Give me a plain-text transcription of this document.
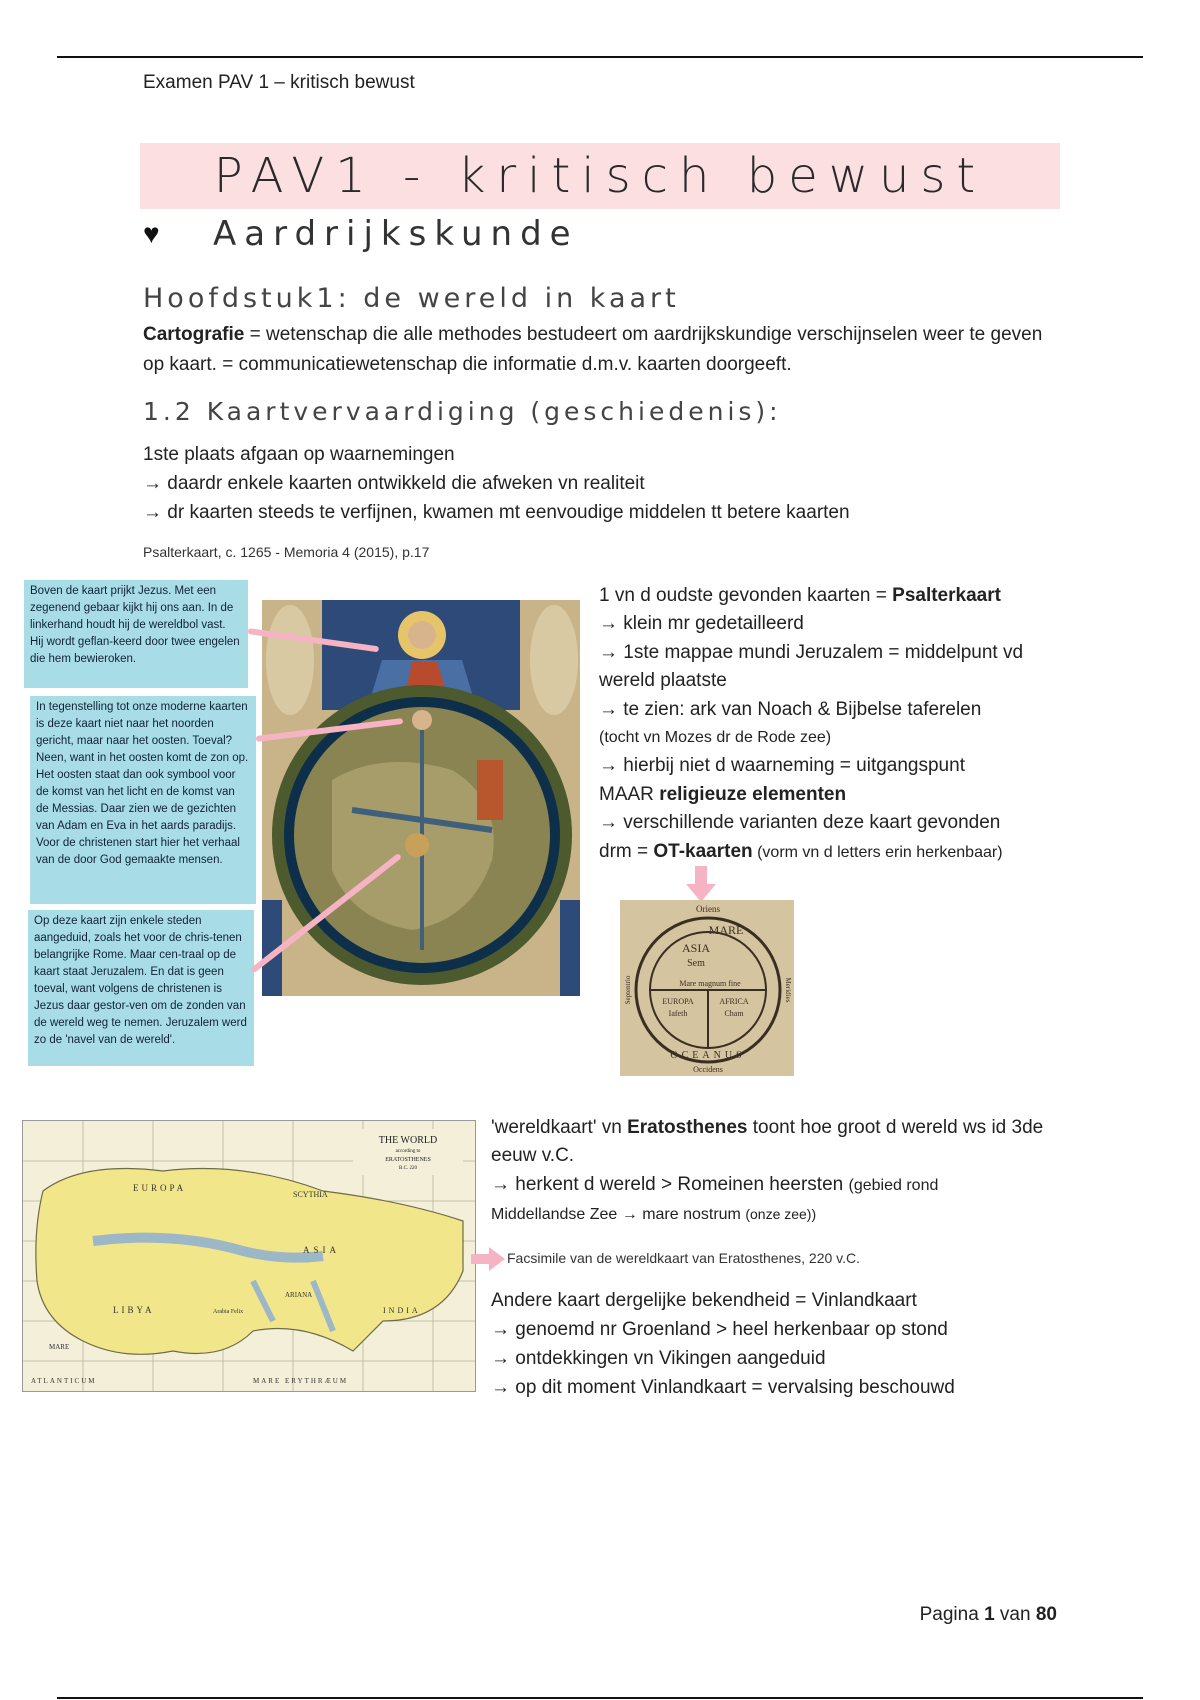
Examen PAV 1 – kritisch bewust
PAV1 - kritisch bewust
♥	Aardrijkskunde
Hoofdstuk1: de wereld in kaart
Cartografie = wetenschap die alle methodes bestudeert om aardrijkskundige verschijnselen weer te geven op kaart. = communicatiewetenschap die informatie d.m.v. kaarten doorgeeft.
1.2 Kaartvervaardiging (geschiedenis):
1ste plaats afgaan op waarnemingen
→ daardr enkele kaarten ontwikkeld die afweken vn realiteit
→ dr kaarten steeds te verfijnen, kwamen mt eenvoudige middelen tt betere kaarten
Psalterkaart, c. 1265 - Memoria 4 (2015), p.17
Boven de kaart prijkt Jezus. Met een zegenend gebaar kijkt hij ons aan. In de linkerhand houdt hij de wereldbol vast. Hij wordt geflan-keerd door twee engelen die hem bewieroken.
In tegenstelling tot onze moderne kaarten is deze kaart niet naar het noorden gericht, maar naar het oosten. Toeval? Neen, want in het oosten komt de zon op. Het oosten staat dan ook symbool voor de komst van het licht en de komst van de Messias. Daar zien we de gezichten van Adam en Eva in het aards paradijs. Voor de christenen start hier het verhaal van de door God gemaakte mensen.
Op deze kaart zijn enkele steden aangeduid, zoals het voor de chris-tenen belangrijke Rome. Maar cen-traal op de kaart staat Jeruzalem. En dat is geen toeval, want volgens de christenen is Jezus daar gestor-ven om de zonden van de wereld weg te nemen. Jeruzalem werd zo de 'navel van de wereld'.
1 vn d oudste gevonden kaarten = Psalterkaart
→ klein mr gedetailleerd
→ 1ste mappae mundi Jeruzalem = middelpunt vd wereld plaatste
→ te zien: ark van Noach & Bijbelse taferelen
(tocht vn Mozes dr de Rode zee)
→ hierbij niet d waarneming = uitgangspunt
MAAR religieuze elementen
→ verschillende varianten deze kaart gevonden
drm = OT-kaarten (vorm vn d letters erin herkenbaar)
Oriens
MARE
ASIA
Sem
Mare magnum fine
EUROPA
Iafeth
AFRICA
Cham
OCEANUS
Occidens
Septentrio	Meridies
THE WORLD
according to
ERATOSTHENES
B.C. 220
EUROPA
SCYTHIA
ASIA
ARIANA
LIBYA	Arabia Felix	INDIA
MARE
ATLANTICUM	MARE ERYTHRÆUM
'wereldkaart' vn Eratosthenes toont hoe groot d wereld ws id 3de eeuw v.C.
→ herkent d wereld > Romeinen heersten (gebied rond
Middellandse Zee → mare nostrum (onze zee))
Facsimile van de wereldkaart van Eratosthenes, 220 v.C.
Andere kaart dergelijke bekendheid = Vinlandkaart
→ genoemd nr Groenland > heel herkenbaar op stond
→ ontdekkingen vn Vikingen aangeduid
→ op dit moment Vinlandkaart = vervalsing beschouwd
Pagina 1 van 80
